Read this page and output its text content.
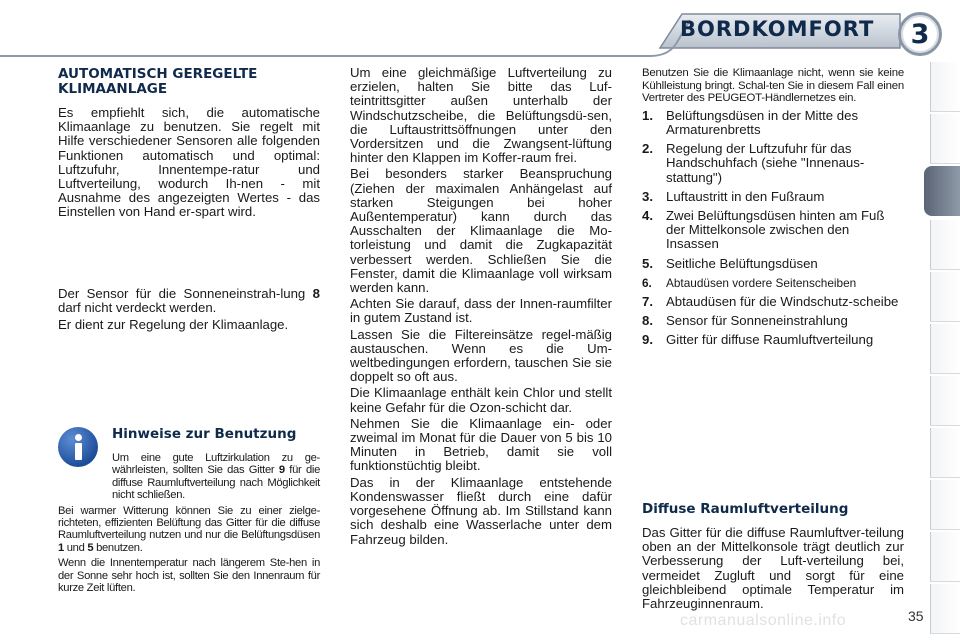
BORDKOMFORT	3
AUTOMATISCH GEREGELTE KLIMAANLAGE

Es empfiehlt sich, die automatische Klimaanlage zu benutzen. Sie regelt mit Hilfe verschiedener Sensoren alle folgenden Funktionen automatisch und optimal: Luftzufuhr, Innentempe-ratur und Luftverteilung, wodurch Ih-nen - mit Ausnahme des angezeigten Wertes - das Einstellen von Hand er-spart wird.

Der Sensor für die Sonneneinstrah-lung 8 darf nicht verdeckt werden.

Er dient zur Regelung der Klimaanlage.

Hinweise zur Benutzung

Um eine gute Luftzirkulation zu ge-währleisten, sollten Sie das Gitter 9 für die diffuse Raumluftverteilung nach Möglichkeit nicht schließen.

Bei warmer Witterung können Sie zu einer zielge-richteten, effizienten Belüftung das Gitter für die diffuse Raumluftverteilung nutzen und nur die Belüftungsdüsen 1 und 5 benutzen.

Wenn die Innentemperatur nach längerem Ste-hen in der Sonne sehr hoch ist, sollten Sie den Innenraum für kurze Zeit lüften.

Um eine gleichmäßige Luftverteilung zu erzielen, halten Sie bitte das Luf-teintrittsgitter außen unterhalb der Windschutzscheibe, die Belüftungsdü-sen, die Luftaustrittsöffnungen unter den Vordersitzen und die Zwangsent-lüftung hinter den Klappen im Koffer-raum frei.

Bei besonders starker Beanspruchung (Ziehen der maximalen Anhängelast auf starken Steigungen bei hoher Außentemperatur) kann durch das Ausschalten der Klimaanlage die Mo-torleistung und damit die Zugkapazität verbessert werden. Schließen Sie die Fenster, damit die Klimaanlage voll wirksam werden kann.

Achten Sie darauf, dass der Innen-raumfilter in gutem Zustand ist.

Lassen Sie die Filtereinsätze regel-mäßig austauschen. Wenn es die Um-weltbedingungen erfordern, tauschen Sie sie doppelt so oft aus.

Die Klimaanlage enthält kein Chlor und stellt keine Gefahr für die Ozon-schicht dar.

Nehmen Sie die Klimaanlage ein- oder zweimal im Monat für die Dauer von 5 bis 10 Minuten in Betrieb, damit sie voll funktionstüchtig bleibt.

Das in der Klimaanlage entstehende Kondenswasser fließt durch eine dafür vorgesehene Öffnung ab. Im Stillstand kann sich deshalb eine Wasserlache unter dem Fahrzeug bilden.

Benutzen Sie die Klimaanlage nicht, wenn sie keine Kühlleistung bringt. Schal-ten Sie in diesem Fall einen Vertreter des PEUGEOT-Händlernetzes ein.

1. Belüftungsdüsen in der Mitte des Armaturenbretts
2. Regelung der Luftzufuhr für das Handschuhfach (siehe "Innenaus-stattung")
3. Luftaustritt in den Fußraum
4. Zwei Belüftungsdüsen hinten am Fuß der Mittelkonsole zwischen den Insassen
5. Seitliche Belüftungsdüsen
6. Abtaudüsen vordere Seitenscheiben
7. Abtaudüsen für die Windschutz-scheibe
8. Sensor für Sonneneinstrahlung
9. Gitter für diffuse Raumluftverteilung
Diffuse Raumluftverteilung

Das Gitter für die diffuse Raumluftver-teilung oben an der Mittelkonsole trägt deutlich zur Verbesserung der Luft-verteilung bei, vermeidet Zugluft und sorgt für eine gleichbleibend optimale Temperatur im Fahrzeuginnenraum.

carmanualsonline.info	35
